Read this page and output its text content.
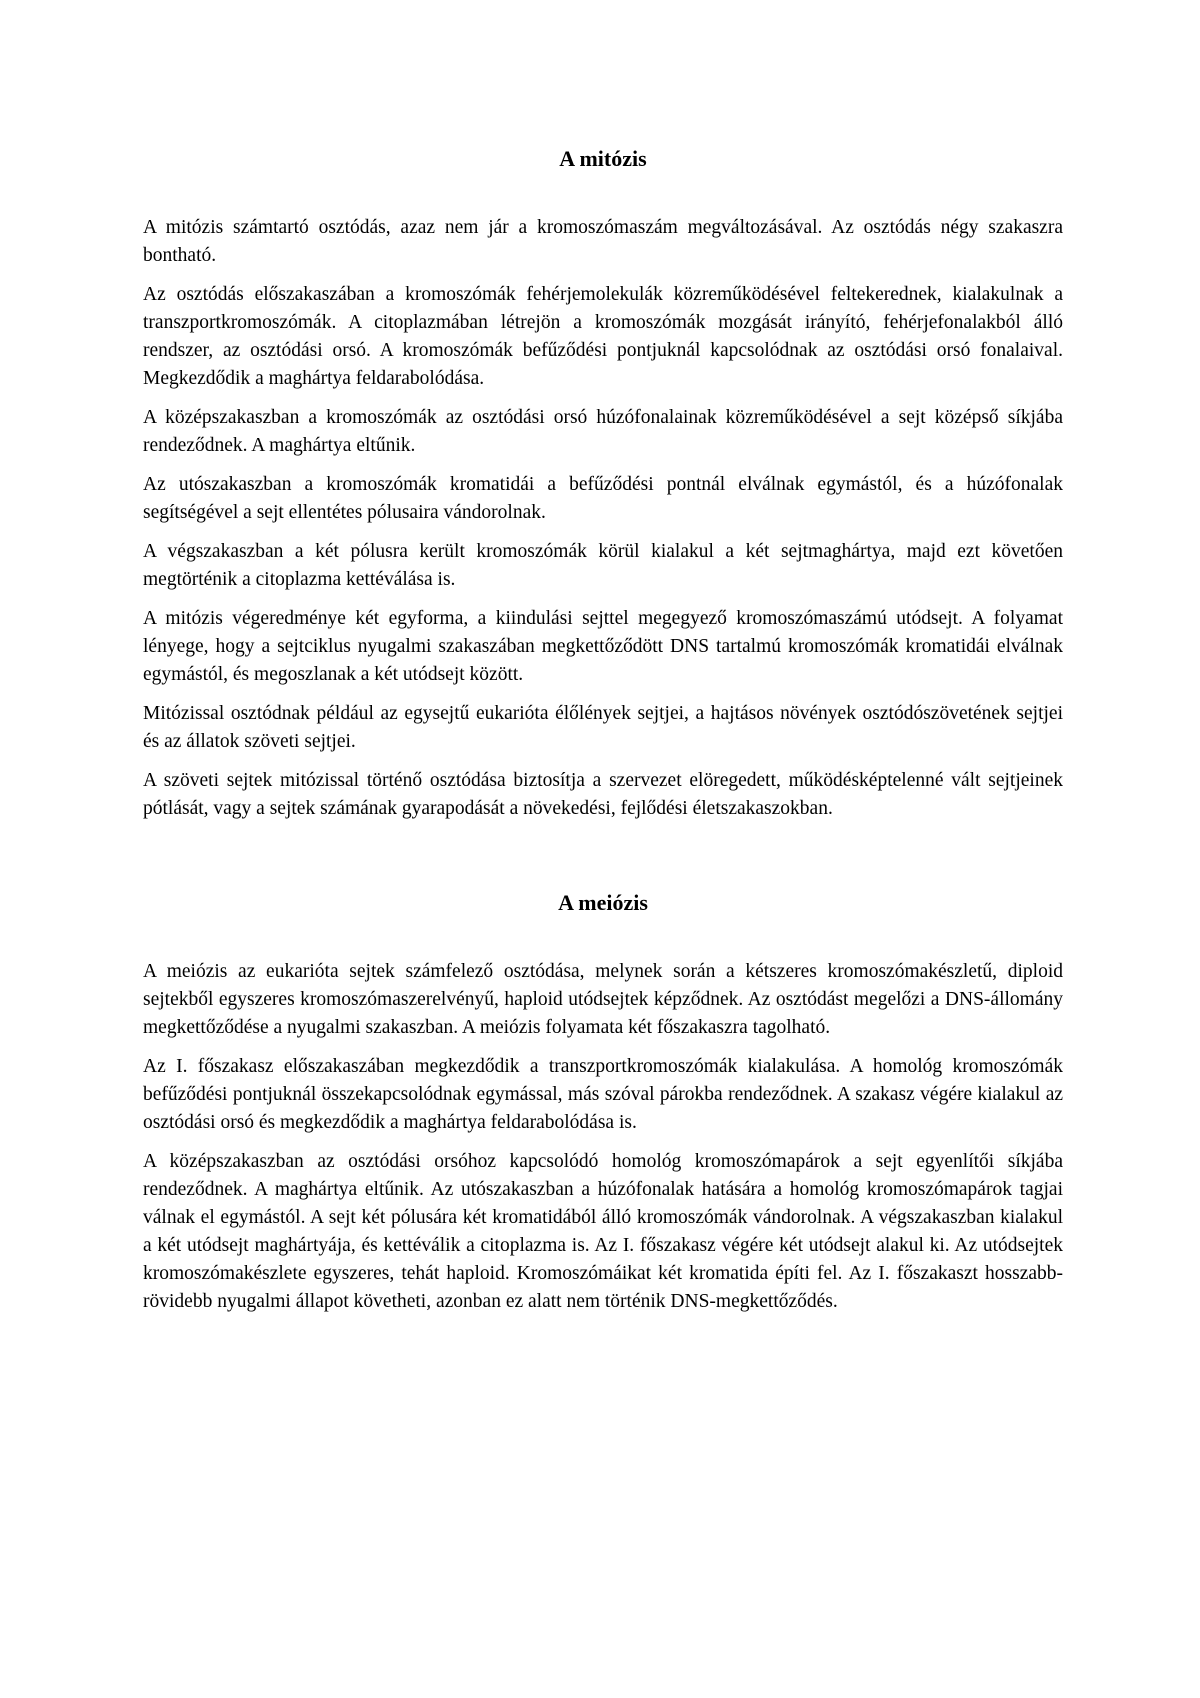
A mitózis

A mitózis számtartó osztódás, azaz nem jár a kromoszómaszám megváltozásával. Az osztódás négy szakaszra bontható.

Az osztódás előszakaszában a kromoszómák fehérjemolekulák közreműködésével feltekerednek, kialakulnak a transzportkromoszómák. A citoplazmában létrejön a kromoszómák mozgását irányító, fehérjefonalakból álló rendszer, az osztódási orsó. A kromoszómák befűződési pontjuknál kapcsolódnak az osztódási orsó fonalaival. Megkezdődik a maghártya feldarabolódása.

A középszakaszban a kromoszómák az osztódási orsó húzófonalainak közreműködésével a sejt középső síkjába rendeződnek. A maghártya eltűnik.

Az utószakaszban a kromoszómák kromatidái a befűződési pontnál elválnak egymástól, és a húzófonalak segítségével a sejt ellentétes pólusaira vándorolnak.

A végszakaszban a két pólusra került kromoszómák körül kialakul a két sejtmaghártya, majd ezt követően megtörténik a citoplazma kettéválása is.

A mitózis végeredménye két egyforma, a kiindulási sejttel megegyező kromoszómaszámú utódsejt. A folyamat lényege, hogy a sejtciklus nyugalmi szakaszában megkettőződött DNS tartalmú kromoszómák kromatidái elválnak egymástól, és megoszlanak a két utódsejt között.

Mitózissal osztódnak például az egysejtű eukarióta élőlények sejtjei, a hajtásos növények osztódószövetének sejtjei és az állatok szöveti sejtjei.

A szöveti sejtek mitózissal történő osztódása biztosítja a szervezet elöregedett, működésképtelenné vált sejtjeinek pótlását, vagy a sejtek számának gyarapodását a növekedési, fejlődési életszakaszokban.

A meiózis

A meiózis az eukarióta sejtek számfelező osztódása, melynek során a kétszeres kromoszómakészletű, diploid sejtekből egyszeres kromoszómaszerelvényű, haploid utódsejtek képződnek. Az osztódást megelőzi a DNS-állomány megkettőződése a nyugalmi szakaszban. A meiózis folyamata két főszakaszra tagolható.

Az I. főszakasz előszakaszában megkezdődik a transzportkromoszómák kialakulása. A homológ kromoszómák befűződési pontjuknál összekapcsolódnak egymással, más szóval párokba rendeződnek. A szakasz végére kialakul az osztódási orsó és megkezdődik a maghártya feldarabolódása is.

A középszakaszban az osztódási orsóhoz kapcsolódó homológ kromoszómapárok a sejt egyenlítői síkjába rendeződnek. A maghártya eltűnik. Az utószakaszban a húzófonalak hatására a homológ kromoszómapárok tagjai válnak el egymástól. A sejt két pólusára két kromatidából álló kromoszómák vándorolnak. A végszakaszban kialakul a két utódsejt maghártyája, és kettéválik a citoplazma is. Az I. főszakasz végére két utódsejt alakul ki. Az utódsejtek kromoszómakészlete egyszeres, tehát haploid. Kromoszómáikat két kromatida építi fel. Az I. főszakaszt hosszabb-rövidebb nyugalmi állapot követheti, azonban ez alatt nem történik DNS-megkettőződés.
